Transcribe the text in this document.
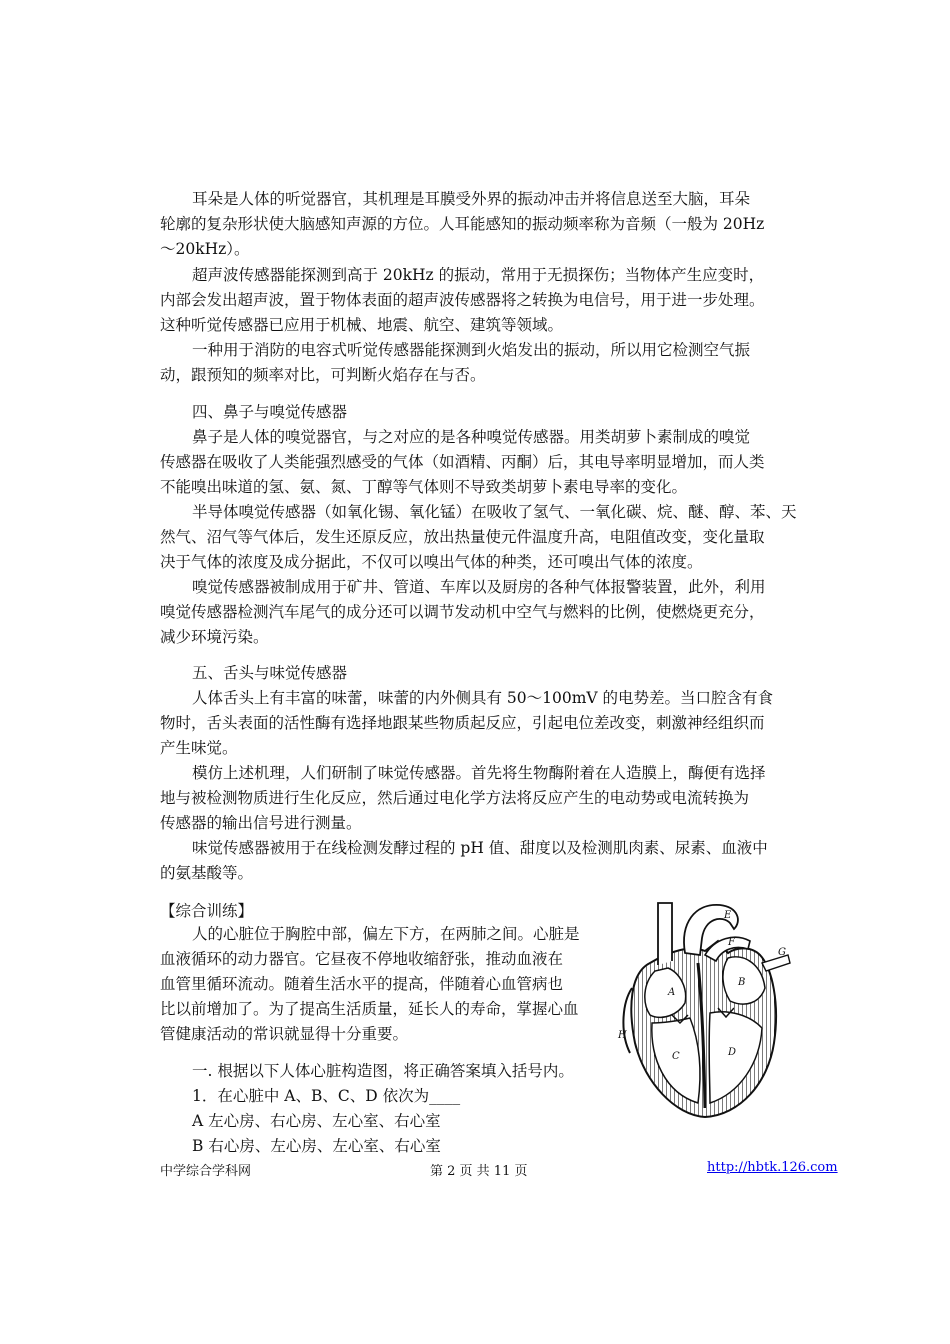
耳朵是人体的听觉器官，其机理是耳膜受外界的振动冲击并将信息送至大脑，耳朵
轮廓的复杂形状使大脑感知声源的方位。人耳能感知的振动频率称为音频（一般为 20Hz
～20kHz）。
超声波传感器能探测到高于 20kHz 的振动，常用于无损探伤；当物体产生应变时，
内部会发出超声波，置于物体表面的超声波传感器将之转换为电信号，用于进一步处理。
这种听觉传感器已应用于机械、地震、航空、建筑等领域。
一种用于消防的电容式听觉传感器能探测到火焰发出的振动，所以用它检测空气振
动，跟预知的频率对比，可判断火焰存在与否。
四、鼻子与嗅觉传感器
鼻子是人体的嗅觉器官，与之对应的是各种嗅觉传感器。用类胡萝卜素制成的嗅觉
传感器在吸收了人类能强烈感受的气体（如酒精、丙酮）后，其电导率明显增加，而人类
不能嗅出味道的氢、氨、氮、丁醇等气体则不导致类胡萝卜素电导率的变化。
半导体嗅觉传感器（如氧化锡、氧化锰）在吸收了氢气、一氧化碳、烷、醚、醇、苯、天
然气、沼气等气体后，发生还原反应，放出热量使元件温度升高，电阻值改变，变化量取
决于气体的浓度及成分据此，不仅可以嗅出气体的种类，还可嗅出气体的浓度。
嗅觉传感器被制成用于矿井、管道、车库以及厨房的各种气体报警装置，此外，利用
嗅觉传感器检测汽车尾气的成分还可以调节发动机中空气与燃料的比例，使燃烧更充分，
减少环境污染。
五、舌头与味觉传感器
人体舌头上有丰富的味蕾，味蕾的内外侧具有 50～100mV 的电势差。当口腔含有食
物时，舌头表面的活性酶有选择地跟某些物质起反应，引起电位差改变，刺激神经组织而
产生味觉。
模仿上述机理，人们研制了味觉传感器。首先将生物酶附着在人造膜上，酶便有选择
地与被检测物质进行生化反应，然后通过电化学方法将反应产生的电动势或电流转换为
传感器的输出信号进行测量。
味觉传感器被用于在线检测发酵过程的 pH 值、甜度以及检测肌肉素、尿素、血液中
的氨基酸等。
【综合训练】
人的心脏位于胸腔中部，偏左下方，在两肺之间。心脏是
血液循环的动力器官。它昼夜不停地收缩舒张，推动血液在
血管里循环流动。随着生活水平的提高，伴随着心血管病也
比以前增加了。为了提高生活质量，延长人的寿命，掌握心血
管健康活动的常识就显得十分重要。
一. 根据以下人体心脏构造图，将正确答案填入括号内。
1．在心脏中 A、B、C、D 依次为____
A 左心房、右心房、左心室、右心室
B 右心房、左心房、左心室、右心室
A
B
C	D
E
F
G
H
中学综合学科网	第 2 页 共 11 页	http://hbtk.126.com
